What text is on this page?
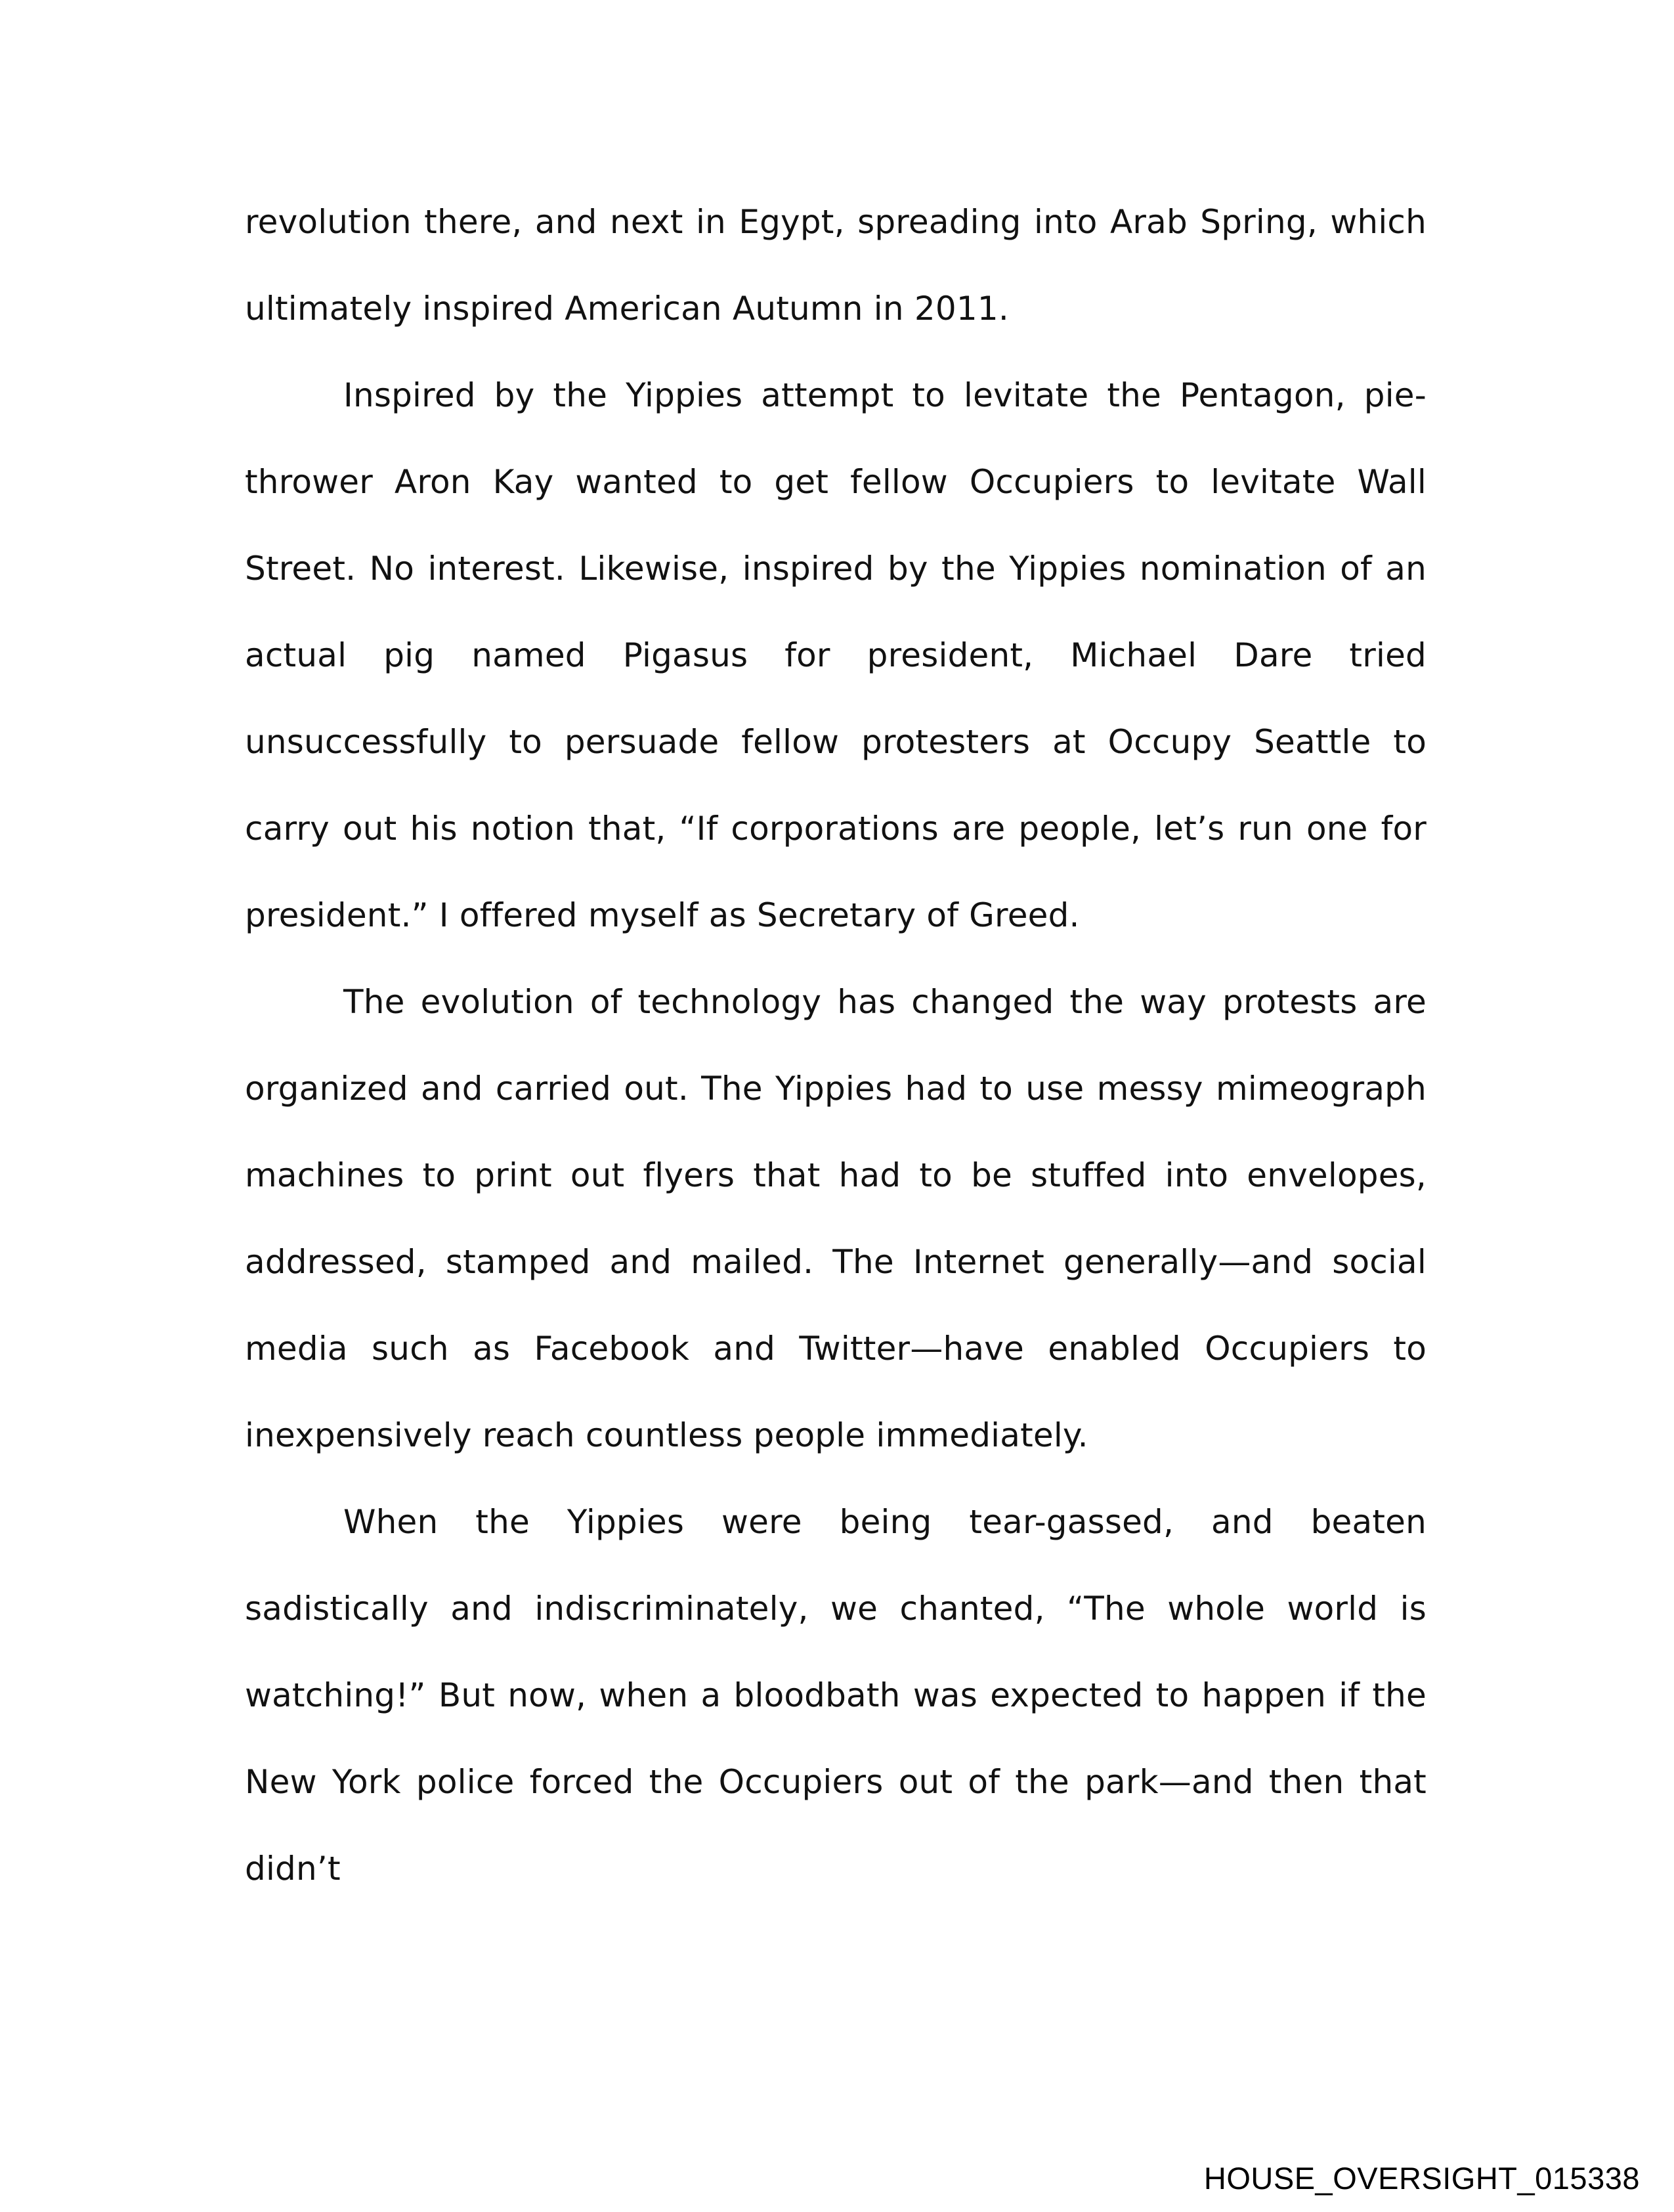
revolution there, and next in Egypt, spreading into Arab Spring, which ultimately inspired American Autumn in 2011.

Inspired by the Yippies attempt to levitate the Pentagon, pie-thrower Aron Kay wanted to get fellow Occupiers to levitate Wall Street. No interest. Likewise, inspired by the Yippies nomination of an actual pig named Pigasus for president, Michael Dare tried unsuccessfully to persuade fellow protesters at Occupy Seattle to carry out his notion that, “If corporations are people, let’s run one for president.” I offered myself as Secretary of Greed.

The evolution of technology has changed the way protests are organized and carried out. The Yippies had to use messy mimeograph machines to print out flyers that had to be stuffed into envelopes, addressed, stamped and mailed. The Internet generally—and social media such as Facebook and Twitter—have enabled Occupiers to inexpensively reach countless people immediately.

When the Yippies were being tear-gassed, and beaten sadistically and indiscriminately, we chanted, “The whole world is watching!” But now, when a bloodbath was expected to happen if the New York police forced the Occupiers out of the park—and then that didn’t

HOUSE_OVERSIGHT_015338
